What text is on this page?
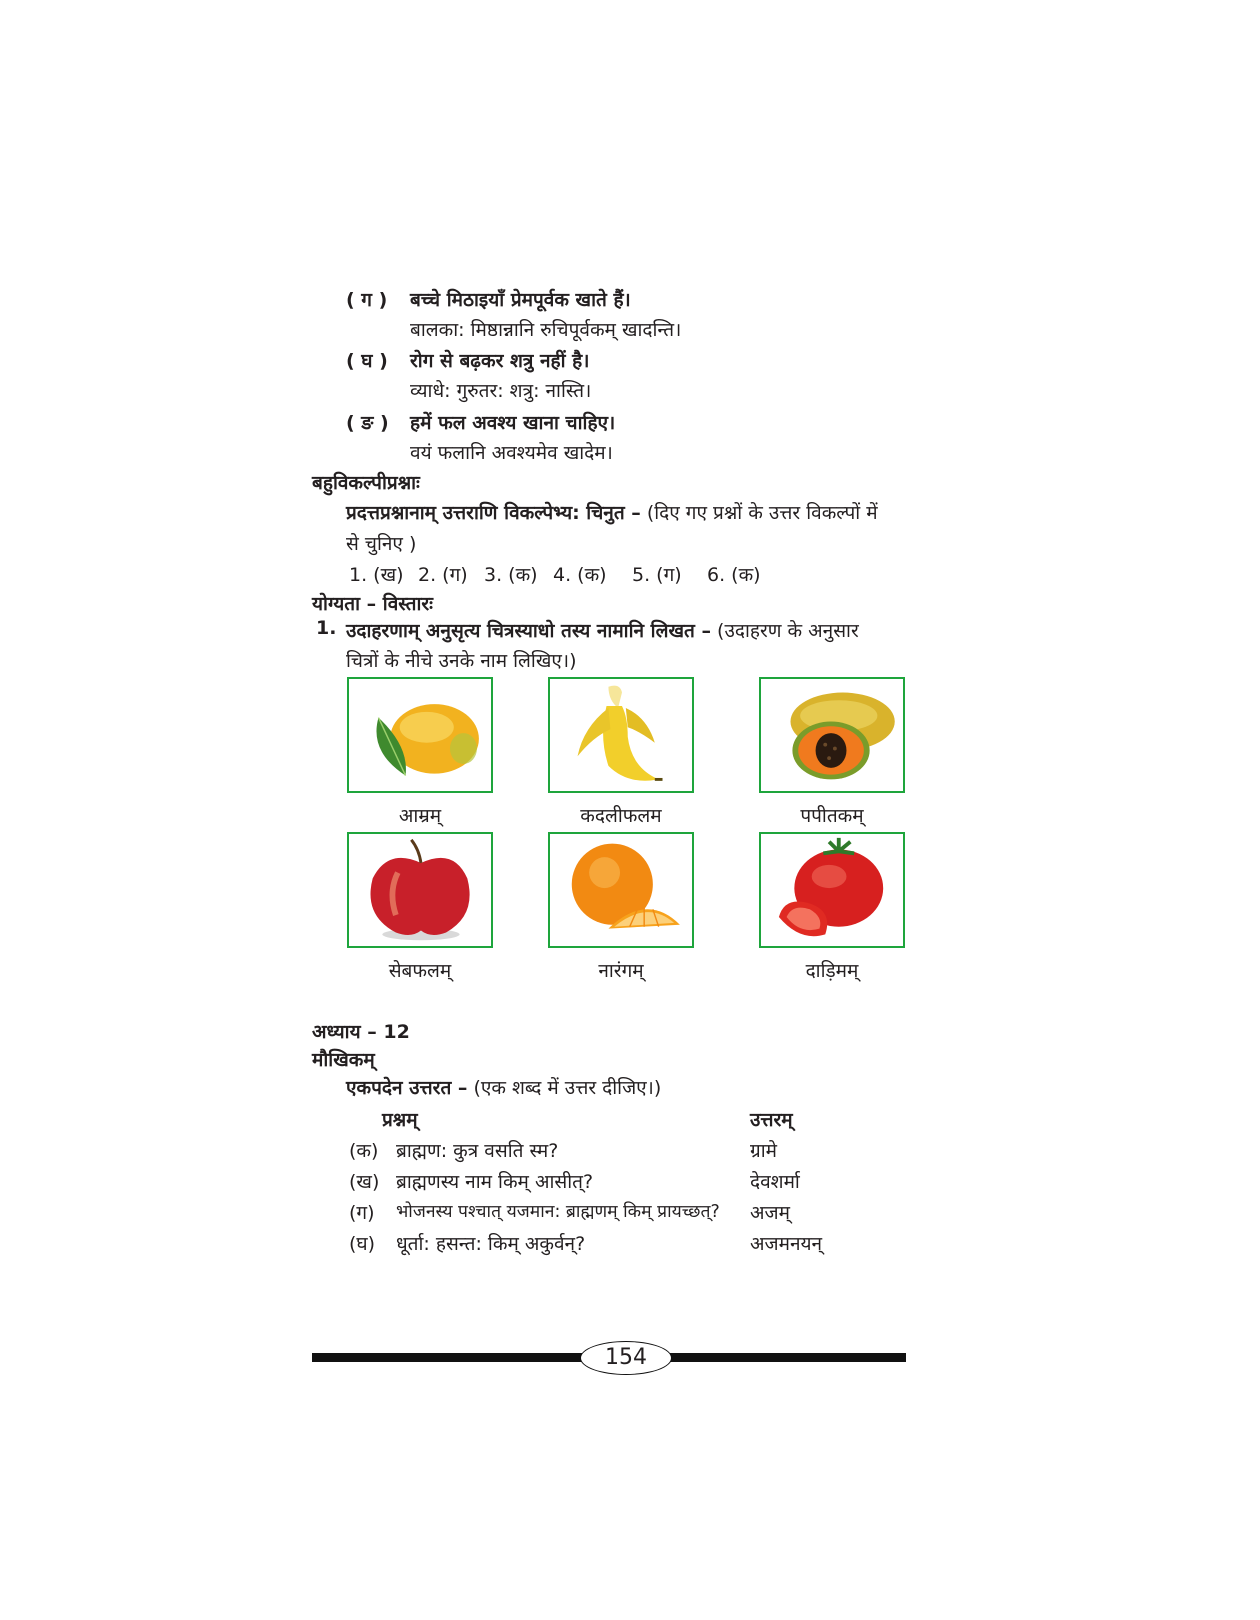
( ग ) बच्चे मिठाइयाँ प्रेमपूर्वक खाते हैं।
बालका: मिष्ठान्नानि रुचिपूर्वकम् खादन्ति।
( घ ) रोग से बढ़कर शत्रु नहीं है।
व्याधे: गुरुतर: शत्रु: नास्ति।
( ङ ) हमें फल अवश्य खाना चाहिए।
वयं फलानि अवश्यमेव खादेम।
बहुविकल्पीप्रश्नाः
प्रदत्तप्रश्नानाम् उत्तराणि विकल्पेभ्य: चिनुत – (दिए गए प्रश्नों के उत्तर विकल्पों में
से चुनिए )
1. (ख) 2. (ग) 3. (क) 4. (क) 5. (ग) 6. (क)
योग्यता – विस्तारः
1. उदाहरणाम् अनुसृत्य चित्रस्याधो तस्य नामानि लिखत – (उदाहरण के अनुसार
चित्रों के नीचे उनके नाम लिखिए।)
आम्रम्	कदलीफलम	पपीतकम्
सेबफलम्	नारंगम्	दाड़िमम्
अध्याय – 12
मौखिकम्
एकपदेन उत्तरत – (एक शब्द में उत्तर दीजिए।)
प्रश्नम्	उत्तरम्
(क) ब्राह्मण: कुत्र वसति स्म?	ग्रामे
(ख) ब्राह्मणस्य नाम किम् आसीत्?	देवशर्मा
(ग) भोजनस्य पश्चात् यजमान: ब्राह्मणम् किम् प्रायच्छत्? अजम्
(घ) धूर्ता: हसन्त: किम् अकुर्वन्?	अजमनयन्
154
